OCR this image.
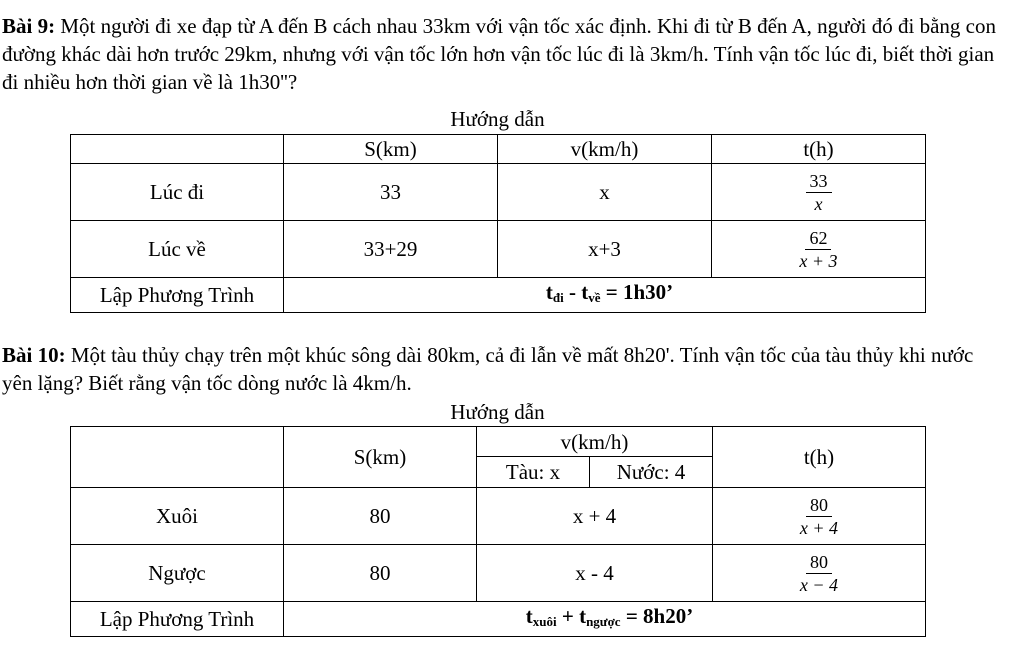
Bài 9: Một người đi xe đạp từ A đến B cách nhau 33km với vận tốc xác định. Khi đi từ B đến A, người đó đi bằng con đường khác dài hơn trước 29km, nhưng với vận tốc lớn hơn vận tốc lúc đi là 3km/h. Tính vận tốc lúc đi, biết thời gian đi nhiều hơn thời gian về là 1h30''?
Hướng dẫn
	S(km)	v(km/h)	t(h)
Lúc đi	33	x	$\frac{33}{x}$

Lúc về	33+29	x+3	$\frac{62}{x + 3}$

Lập Phương Trình	$t_{đi} - t_{về} = 1h30$’		
Bài 10: Một tàu thủy chạy trên một khúc sông dài 80km, cả đi lẫn về mất 8h20'. Tính vận tốc của tàu thủy khi nước yên lặng? Biết rằng vận tốc dòng nước là 4km/h.
Hướng dẫn
	S(km)	v(km/h)		t(h)
		Tàu: x	Nước: 4	
Xuôi	80	x + 4		$\frac{80}{x + 4}$

Ngược	80	x - 4		$\frac{80}{x - 4}$

Lập Phương Trình	$t_{xuôi} + t_{ngược} = 8h20$’			
